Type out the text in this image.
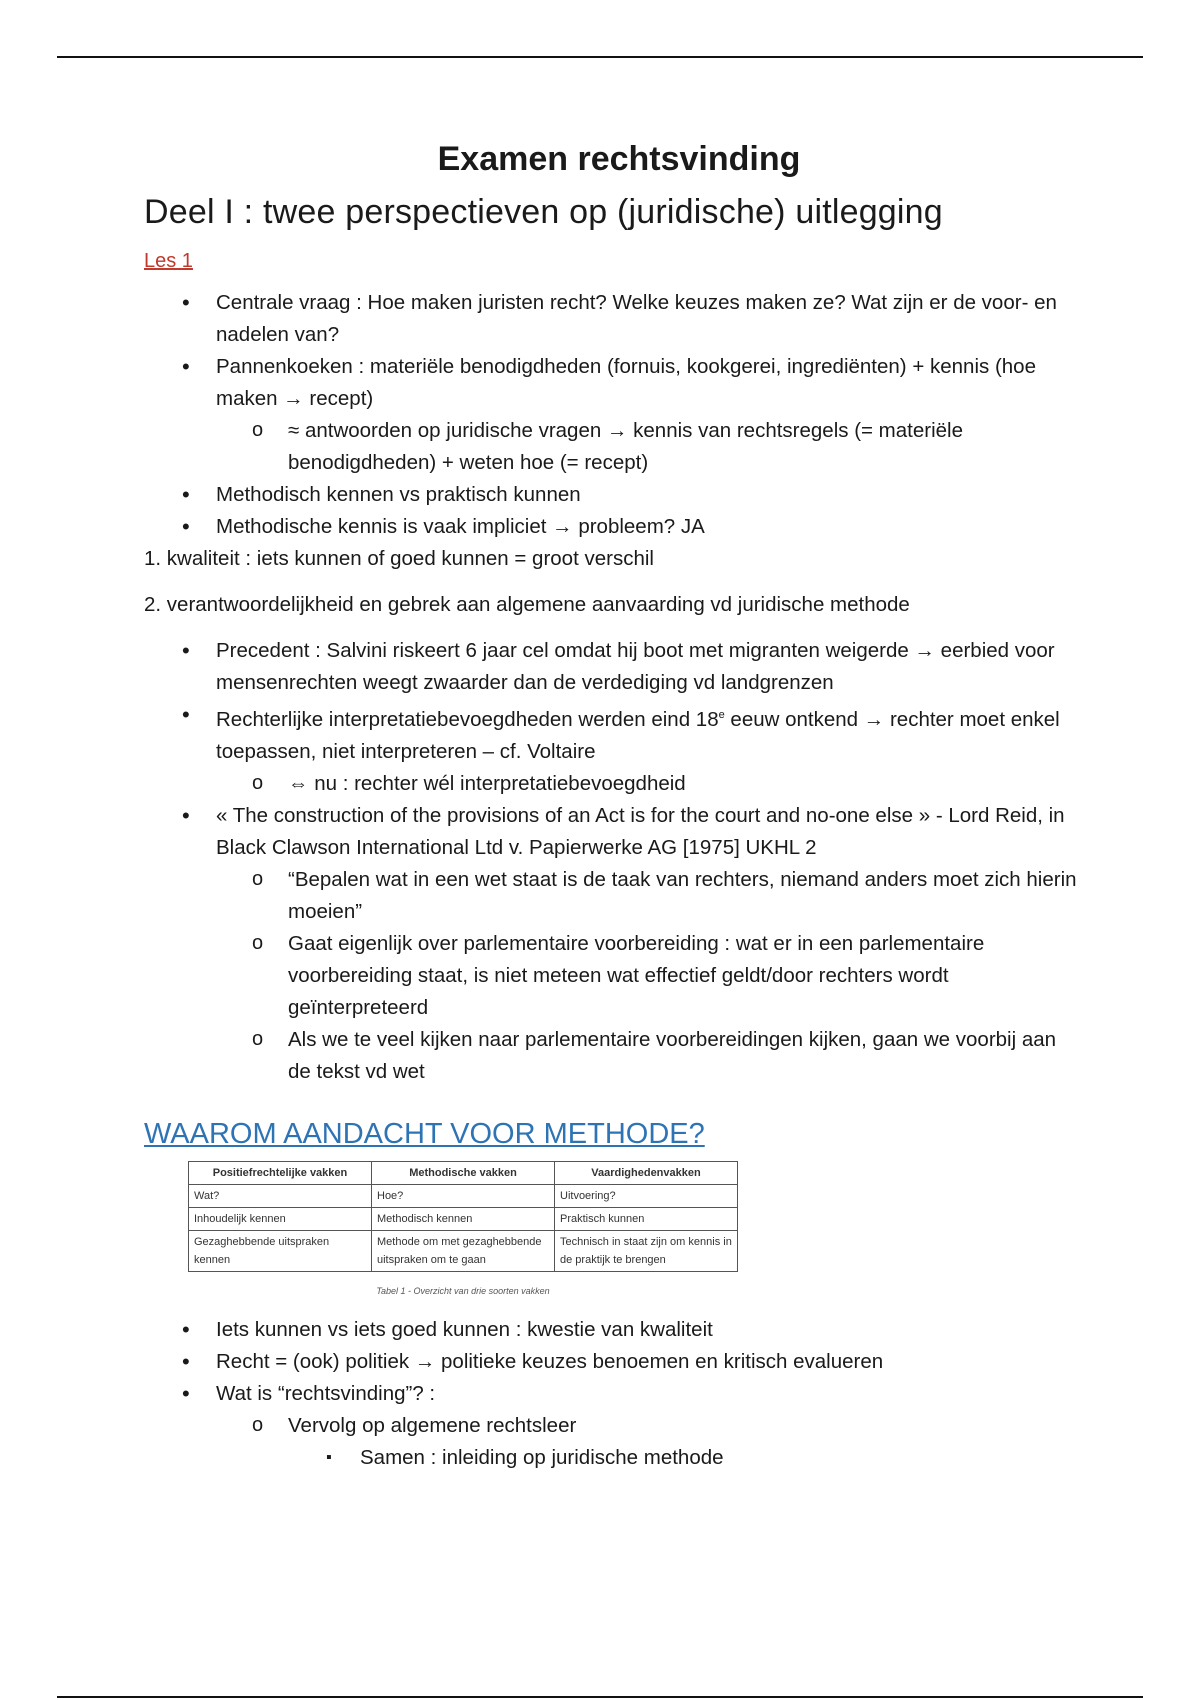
Examen rechtsvinding
Deel I : twee perspectieven op (juridische) uitlegging
Les 1
• Centrale vraag : Hoe maken juristen recht? Welke keuzes maken ze? Wat zijn er de voor- en nadelen van?
• Pannenkoeken : materiële benodigdheden (fornuis, kookgerei, ingrediënten) + kennis (hoe maken → recept)
o ≈ antwoorden op juridische vragen → kennis van rechtsregels (= materiële benodigdheden) + weten hoe (= recept)
• Methodisch kennen vs praktisch kunnen
• Methodische kennis is vaak impliciet → probleem? JA

1. kwaliteit : iets kunnen of goed kunnen = groot verschil

2. verantwoordelijkheid en gebrek aan algemene aanvaarding vd juridische methode

• Precedent : Salvini riskeert 6 jaar cel omdat hij boot met migranten weigerde → eerbied voor mensenrechten weegt zwaarder dan de verdediging vd landgrenzen
• Rechterlijke interpretatiebevoegdheden werden eind 18e eeuw ontkend → rechter moet enkel toepassen, niet interpreteren – cf. Voltaire
o ⇔ nu : rechter wél interpretatiebevoegdheid
• « The construction of the provisions of an Act is for the court and no-one else » - Lord Reid, in Black Clawson International Ltd v. Papierwerke AG [1975] UKHL 2
o “Bepalen wat in een wet staat is de taak van rechters, niemand anders moet zich hierin moeien”
o Gaat eigenlijk over parlementaire voorbereiding : wat er in een parlementaire voorbereiding staat, is niet meteen wat effectief geldt/door rechters wordt geïnterpreteerd
o Als we te veel kijken naar parlementaire voorbereidingen kijken, gaan we voorbij aan de tekst vd wet
WAAROM AANDACHT VOOR METHODE?
Positiefrechtelijke vakken	Methodische vakken	Vaardighedenvakken
Wat?	Hoe?	Uitvoering?
Inhoudelijk kennen	Methodisch kennen	Praktisch kunnen
Gezaghebbende uitspraken kennen	Methode om met gezaghebbende uitspraken om te gaan	Technisch in staat zijn om kennis in de praktijk te brengen
Tabel 1 - Overzicht van drie soorten vakken
• Iets kunnen vs iets goed kunnen : kwestie van kwaliteit
• Recht = (ook) politiek → politieke keuzes benoemen en kritisch evalueren
• Wat is “rechtsvinding”? :
o Vervolg op algemene rechtsleer
▪ Samen : inleiding op juridische methode
